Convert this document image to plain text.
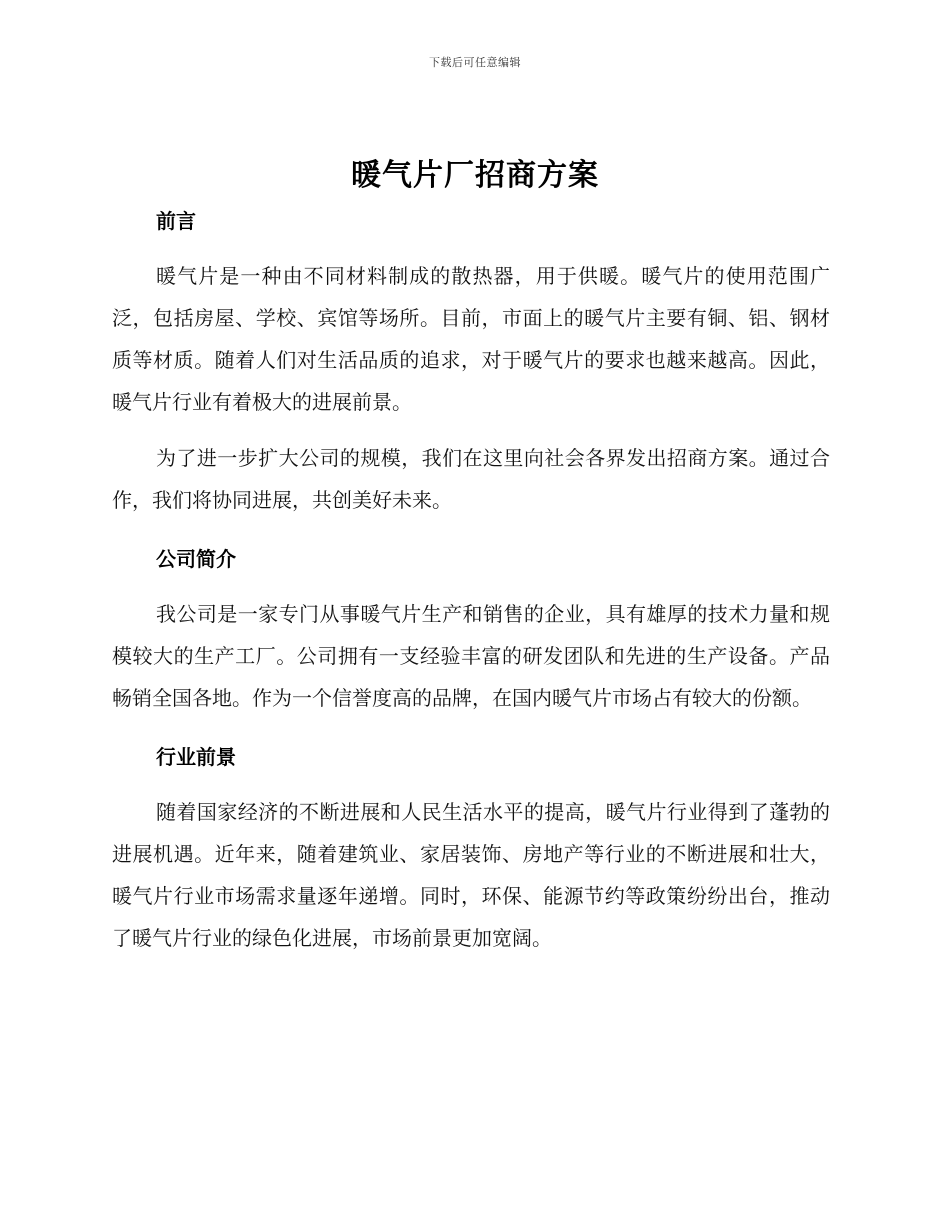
下载后可任意编辑
暖气片厂招商方案
前言

暖气片是一种由不同材料制成的散热器，用于供暖。暖气片的使用范围广泛，包括房屋、学校、宾馆等场所。目前，市面上的暖气片主要有铜、铝、钢材质等材质。随着人们对生活品质的追求，对于暖气片的要求也越来越高。因此，暖气片行业有着极大的进展前景。

为了进一步扩大公司的规模，我们在这里向社会各界发出招商方案。通过合作，我们将协同进展，共创美好未来。

公司简介

我公司是一家专门从事暖气片生产和销售的企业，具有雄厚的技术力量和规模较大的生产工厂。公司拥有一支经验丰富的研发团队和先进的生产设备。产品畅销全国各地。作为一个信誉度高的品牌，在国内暖气片市场占有较大的份额。

行业前景

随着国家经济的不断进展和人民生活水平的提高，暖气片行业得到了蓬勃的进展机遇。近年来，随着建筑业、家居装饰、房地产等行业的不断进展和壮大，暖气片行业市场需求量逐年递增。同时，环保、能源节约等政策纷纷出台，推动了暖气片行业的绿色化进展，市场前景更加宽阔。
